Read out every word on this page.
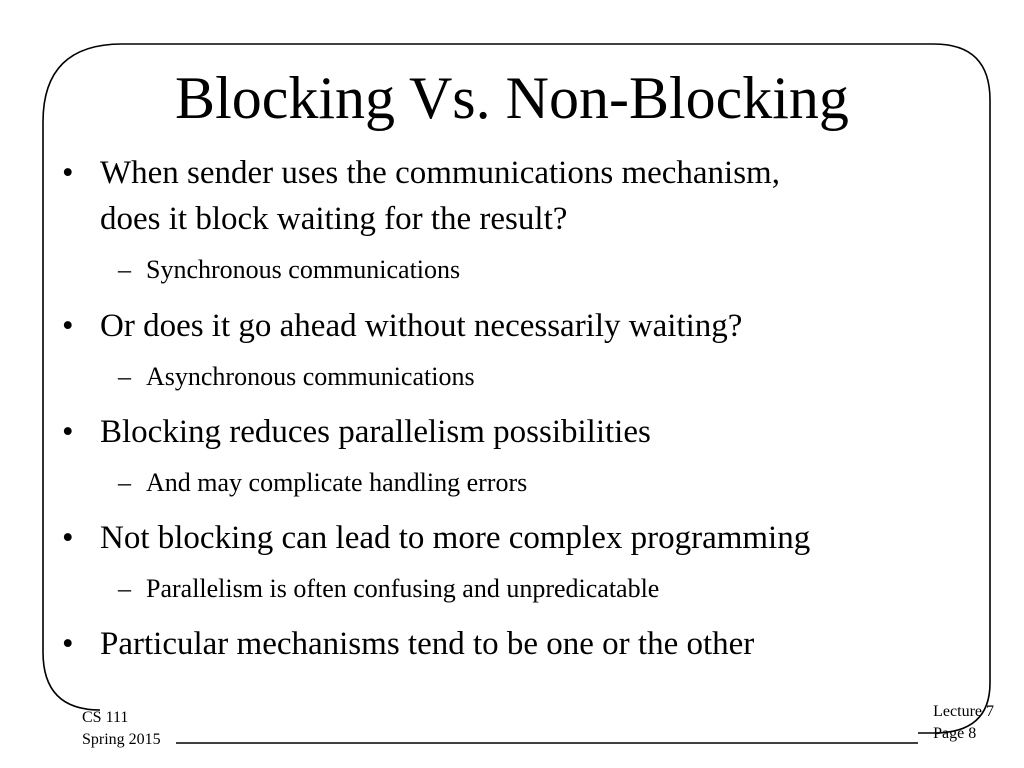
Blocking Vs. Non-Blocking
• When sender uses the communications mechanism,
does it block waiting for the result?
– Synchronous communications
• Or does it go ahead without necessarily waiting?
– Asynchronous communications
• Blocking reduces parallelism possibilities
– And may complicate handling errors
• Not blocking can lead to more complex programming
– Parallelism is often confusing and unpredicatable
• Particular mechanisms tend to be one or the other
CS 111
Spring 2015
Lecture 7
Page 8
